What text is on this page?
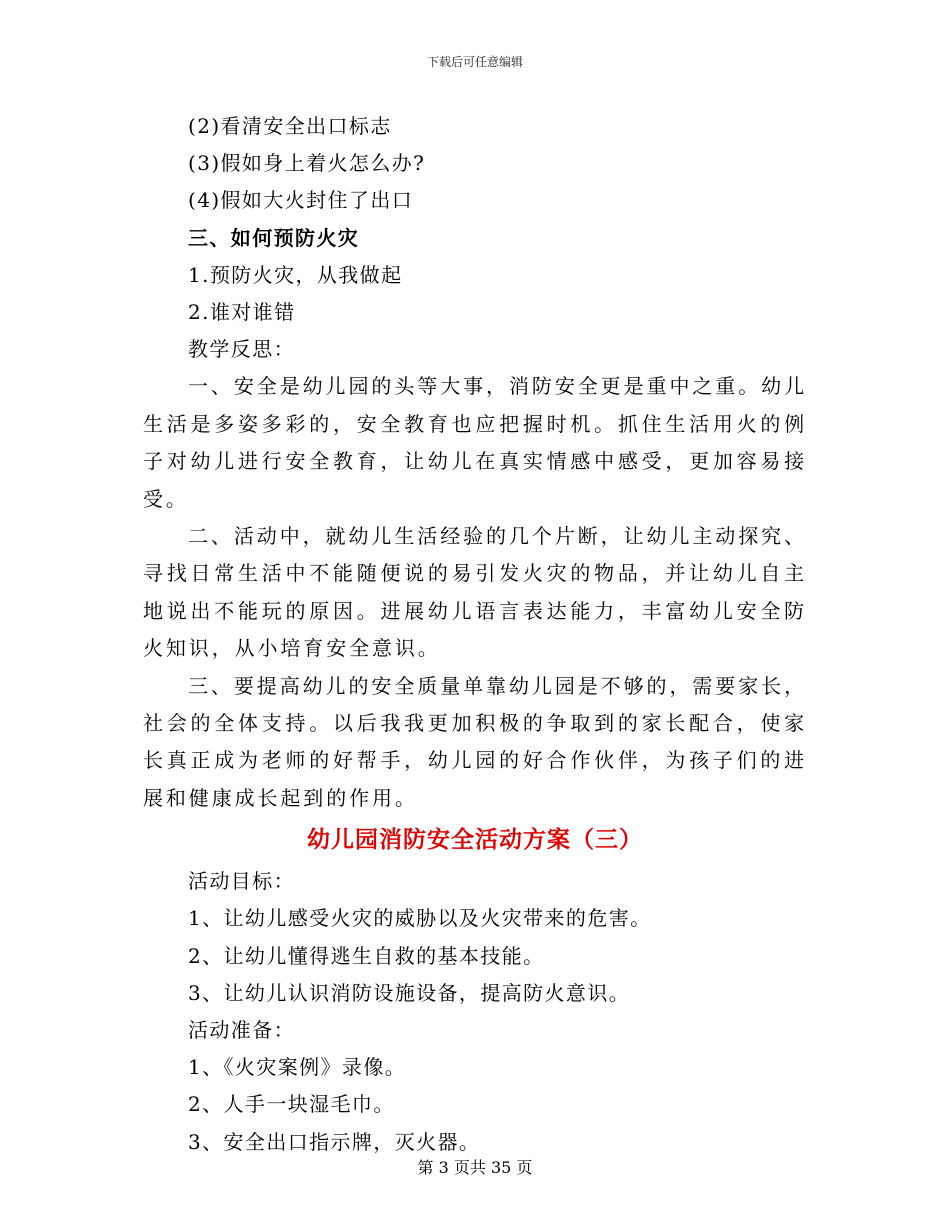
下载后可任意编辑
(2)看清安全出口标志
(3)假如身上着火怎么办?
(4)假如大火封住了出口
三、如何预防火灾
1.预防火灾，从我做起
2.谁对谁错
教学反思：

一、安全是幼儿园的头等大事，消防安全更是重中之重。幼儿生活是多姿多彩的，安全教育也应把握时机。抓住生活用火的例子对幼儿进行安全教育，让幼儿在真实情感中感受，更加容易接受。

二、活动中，就幼儿生活经验的几个片断，让幼儿主动探究、寻找日常生活中不能随便说的易引发火灾的物品，并让幼儿自主地说出不能玩的原因。进展幼儿语言表达能力，丰富幼儿安全防火知识，从小培育安全意识。

三、要提高幼儿的安全质量单靠幼儿园是不够的，需要家长，社会的全体支持。以后我我更加积极的争取到的家长配合，使家长真正成为老师的好帮手，幼儿园的好合作伙伴，为孩子们的进展和健康成长起到的作用。

幼儿园消防安全活动方案（三）
活动目标：
1、让幼儿感受火灾的威胁以及火灾带来的危害。
2、让幼儿懂得逃生自救的基本技能。
3、让幼儿认识消防设施设备，提高防火意识。
活动准备：
1、《火灾案例》录像。
2、人手一块湿毛巾。
3、安全出口指示牌，灭火器。
第 3 页共 35 页
